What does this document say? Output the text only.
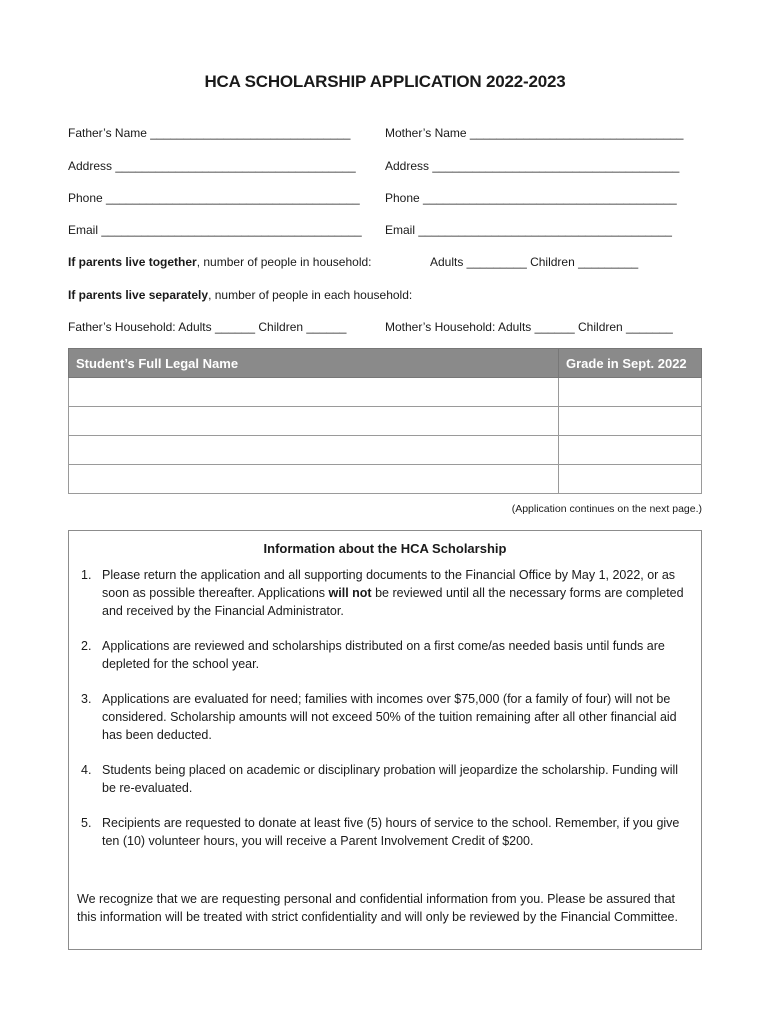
HCA SCHOLARSHIP APPLICATION 2022-2023
Father’s Name ______________________________	Mother’s Name ________________________________
Address ____________________________________ Address _____________________________________
Phone ______________________________________ Phone ______________________________________
Email _______________________________________ Email ______________________________________
If parents live together, number of people in household:	Adults _________ Children _________
If parents live separately, number of people in each household:
Father’s Household: Adults ______ Children ______	Mother’s Household: Adults ______ Children _______
Student’s Full Legal Name	Grade in Sept. 2022

(Application continues on the next page.)
Information about the HCA Scholarship
1. Please return the application and all supporting documents to the Financial Office by May 1, 2022, or as soon as possible thereafter. Applications will not be reviewed until all the necessary forms are completed and received by the Financial Administrator.
2. Applications are reviewed and scholarships distributed on a first come/as needed basis until funds are depleted for the school year.
3. Applications are evaluated for need; families with incomes over $75,000 (for a family of four) will not be considered. Scholarship amounts will not exceed 50% of the tuition remaining after all other financial aid has been deducted.
4. Students being placed on academic or disciplinary probation will jeopardize the scholarship. Funding will be re-evaluated.
5. Recipients are requested to donate at least five (5) hours of service to the school. Remember, if you give ten (10) volunteer hours, you will receive a Parent Involvement Credit of $200.
We recognize that we are requesting personal and confidential information from you. Please be assured that this information will be treated with strict confidentiality and will only be reviewed by the Financial Committee.
